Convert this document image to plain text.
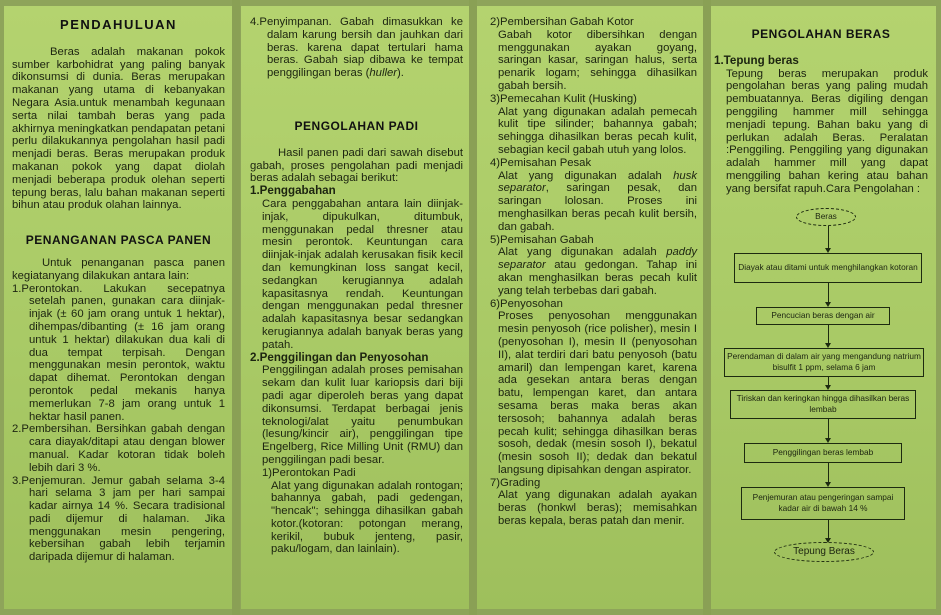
PENDAHULUAN

Beras adalah makanan pokok sumber karbohidrat yang paling banyak dikonsumsi di dunia. Beras merupakan makanan yang utama di kebanyakan Negara Asia.untuk menambah kegunaan serta nilai tambah beras yang pada akhirnya meningkatkan pendapatan petani perlu dilakukannya pengolahan hasil padi menjadi beras. Beras merupakan produk makanan pokok yang dapat diolah menjadi beberapa produk olehan seperti tepung beras, lalu bahan makanan seperti bihun atau produk olahan lainnya.

PENANGANAN PASCA PANEN

Untuk penanganan pasca panen kegiatanyang dilakukan antara lain:

1.Perontokan. Lakukan secepatnya setelah panen, gunakan cara diinjak-injak (± 60 jam orang untuk 1 hektar), dihempas/dibanting (± 16 jam orang untuk 1 hektar) dilakukan dua kali di dua tempat terpisah. Dengan menggunakan mesin perontok, waktu dapat dihemat. Perontokan dengan perontok pedal mekanis hanya memerlukan 7-8 jam orang untuk 1 hektar hasil panen.
2.Pembersihan. Bersihkan gabah dengan cara diayak/ditapi atau dengan blower manual. Kadar kotoran tidak boleh lebih dari 3 %.
3.Penjemuran. Jemur gabah selama 3-4 hari selama 3 jam per hari sampai kadar airnya 14 %. Secara tradisional padi dijemur di halaman. Jika menggunakan mesin pengering, kebersihan gabah lebih terjamin daripada dijemur di halaman.
4.Penyimpanan. Gabah dimasukkan ke dalam karung bersih dan jauhkan dari beras. karena dapat tertulari hama beras. Gabah siap dibawa ke tempat penggilingan beras (huller).
PENGOLAHAN PADI

Hasil panen padi dari sawah disebut gabah, proses pengolahan padi menjadi beras adalah sebagai berikut:

1.Penggabahan

Cara penggabahan antara lain diinjak-injak, dipukulkan, ditumbuk, menggunakan pedal thresner atau mesin perontok. Keuntungan cara diinjak-injak adalah kerusakan fisik kecil dan kemungkinan loss sangat kecil, sedangkan kerugiannya adalah kapasitasnya rendah. Keuntungan dengan menggunakan pedal thresner adalah kapasitasnya besar sedangkan kerugiannya adalah banyak beras yang patah.

2.Penggilingan dan Penyosohan

Penggilingan adalah proses pemisahan sekam dan kulit luar kariopsis dari biji padi agar diperoleh beras yang dapat dikonsumsi. Terdapat berbagai jenis teknologi/alat yaitu penumbukan (lesung/kincir air), penggilingan tipe Engelberg, Rice Milling Unit (RMU) dan penggilingan padi besar.

1)Perontokan Padi

Alat yang digunakan adalah rontogan; bahannya gabah, padi gedengan, "hencak"; sehingga dihasilkan gabah kotor.(kotoran: potongan merang, kerikil, bubuk jenteng, pasir, paku/logam, dan lainlain).

2)Pembersihan Gabah Kotor

Gabah kotor dibersihkan dengan menggunakan ayakan goyang, saringan kasar, saringan halus, serta penarik logam; sehingga dihasilkan gabah bersih.

3)Pemecahan Kulit (Husking)

Alat yang digunakan adalah pemecah kulit tipe silinder; bahannya gabah; sehingga dihasilkan beras pecah kulit, sebagian kecil gabah utuh yang lolos.

4)Pemisahan Pesak

Alat yang digunakan adalah husk separator, saringan pesak, dan saringan lolosan. Proses ini menghasilkan beras pecah kulit bersih, dan gabah.

5)Pemisahan Gabah

Alat yang digunakan adalah paddy separator atau gedongan. Tahap ini akan menghasilkan beras pecah kulit yang telah terbebas dari gabah.

6)Penyosohan

Proses penyosohan menggunakan mesin penyosoh (rice polisher), mesin I (penyosohan I), mesin II (penyosohan II), alat terdiri dari batu penyosoh (batu amaril) dan lempengan karet, karena ada gesekan antara beras dengan batu, lempengan karet, dan antara sesama beras maka beras akan tersosoh; bahannya adalah beras pecah kulit; sehingga dihasilkan beras sosoh, dedak (mesin sosoh I), bekatul (mesin sosoh II); dedak dan bekatul langsung dipisahkan dengan aspirator.

7)Grading

Alat yang digunakan adalah ayakan beras (honkwl beras); memisahkan beras kepala, beras patah dan menir.

PENGOLAHAN BERAS
1.Tepung beras

Tepung beras merupakan produk pengolahan beras yang paling mudah pembuatannya. Beras digiling dengan penggiling hammer mill sehingga menjadi tepung. Bahan baku yang di perlukan adalah Beras. Peralatan :Penggiling. Penggiling yang digunakan adalah hammer mill yang dapat menggiling bahan kering atau bahan yang bersifat rapuh.Cara Pengolahan :

Beras
Diayak atau ditami untuk menghilangkan kotoran
Pencucian beras dengan air
Perendaman di dalam air yang mengandung natrium bisulfit 1 ppm, selama 6 jam
Tiriskan dan keringkan hingga dihasilkan beras lembab
Penggilingan beras lembab
Penjemuran atau pengeringan sampai kadar air di bawah 14 %
Tepung Beras
